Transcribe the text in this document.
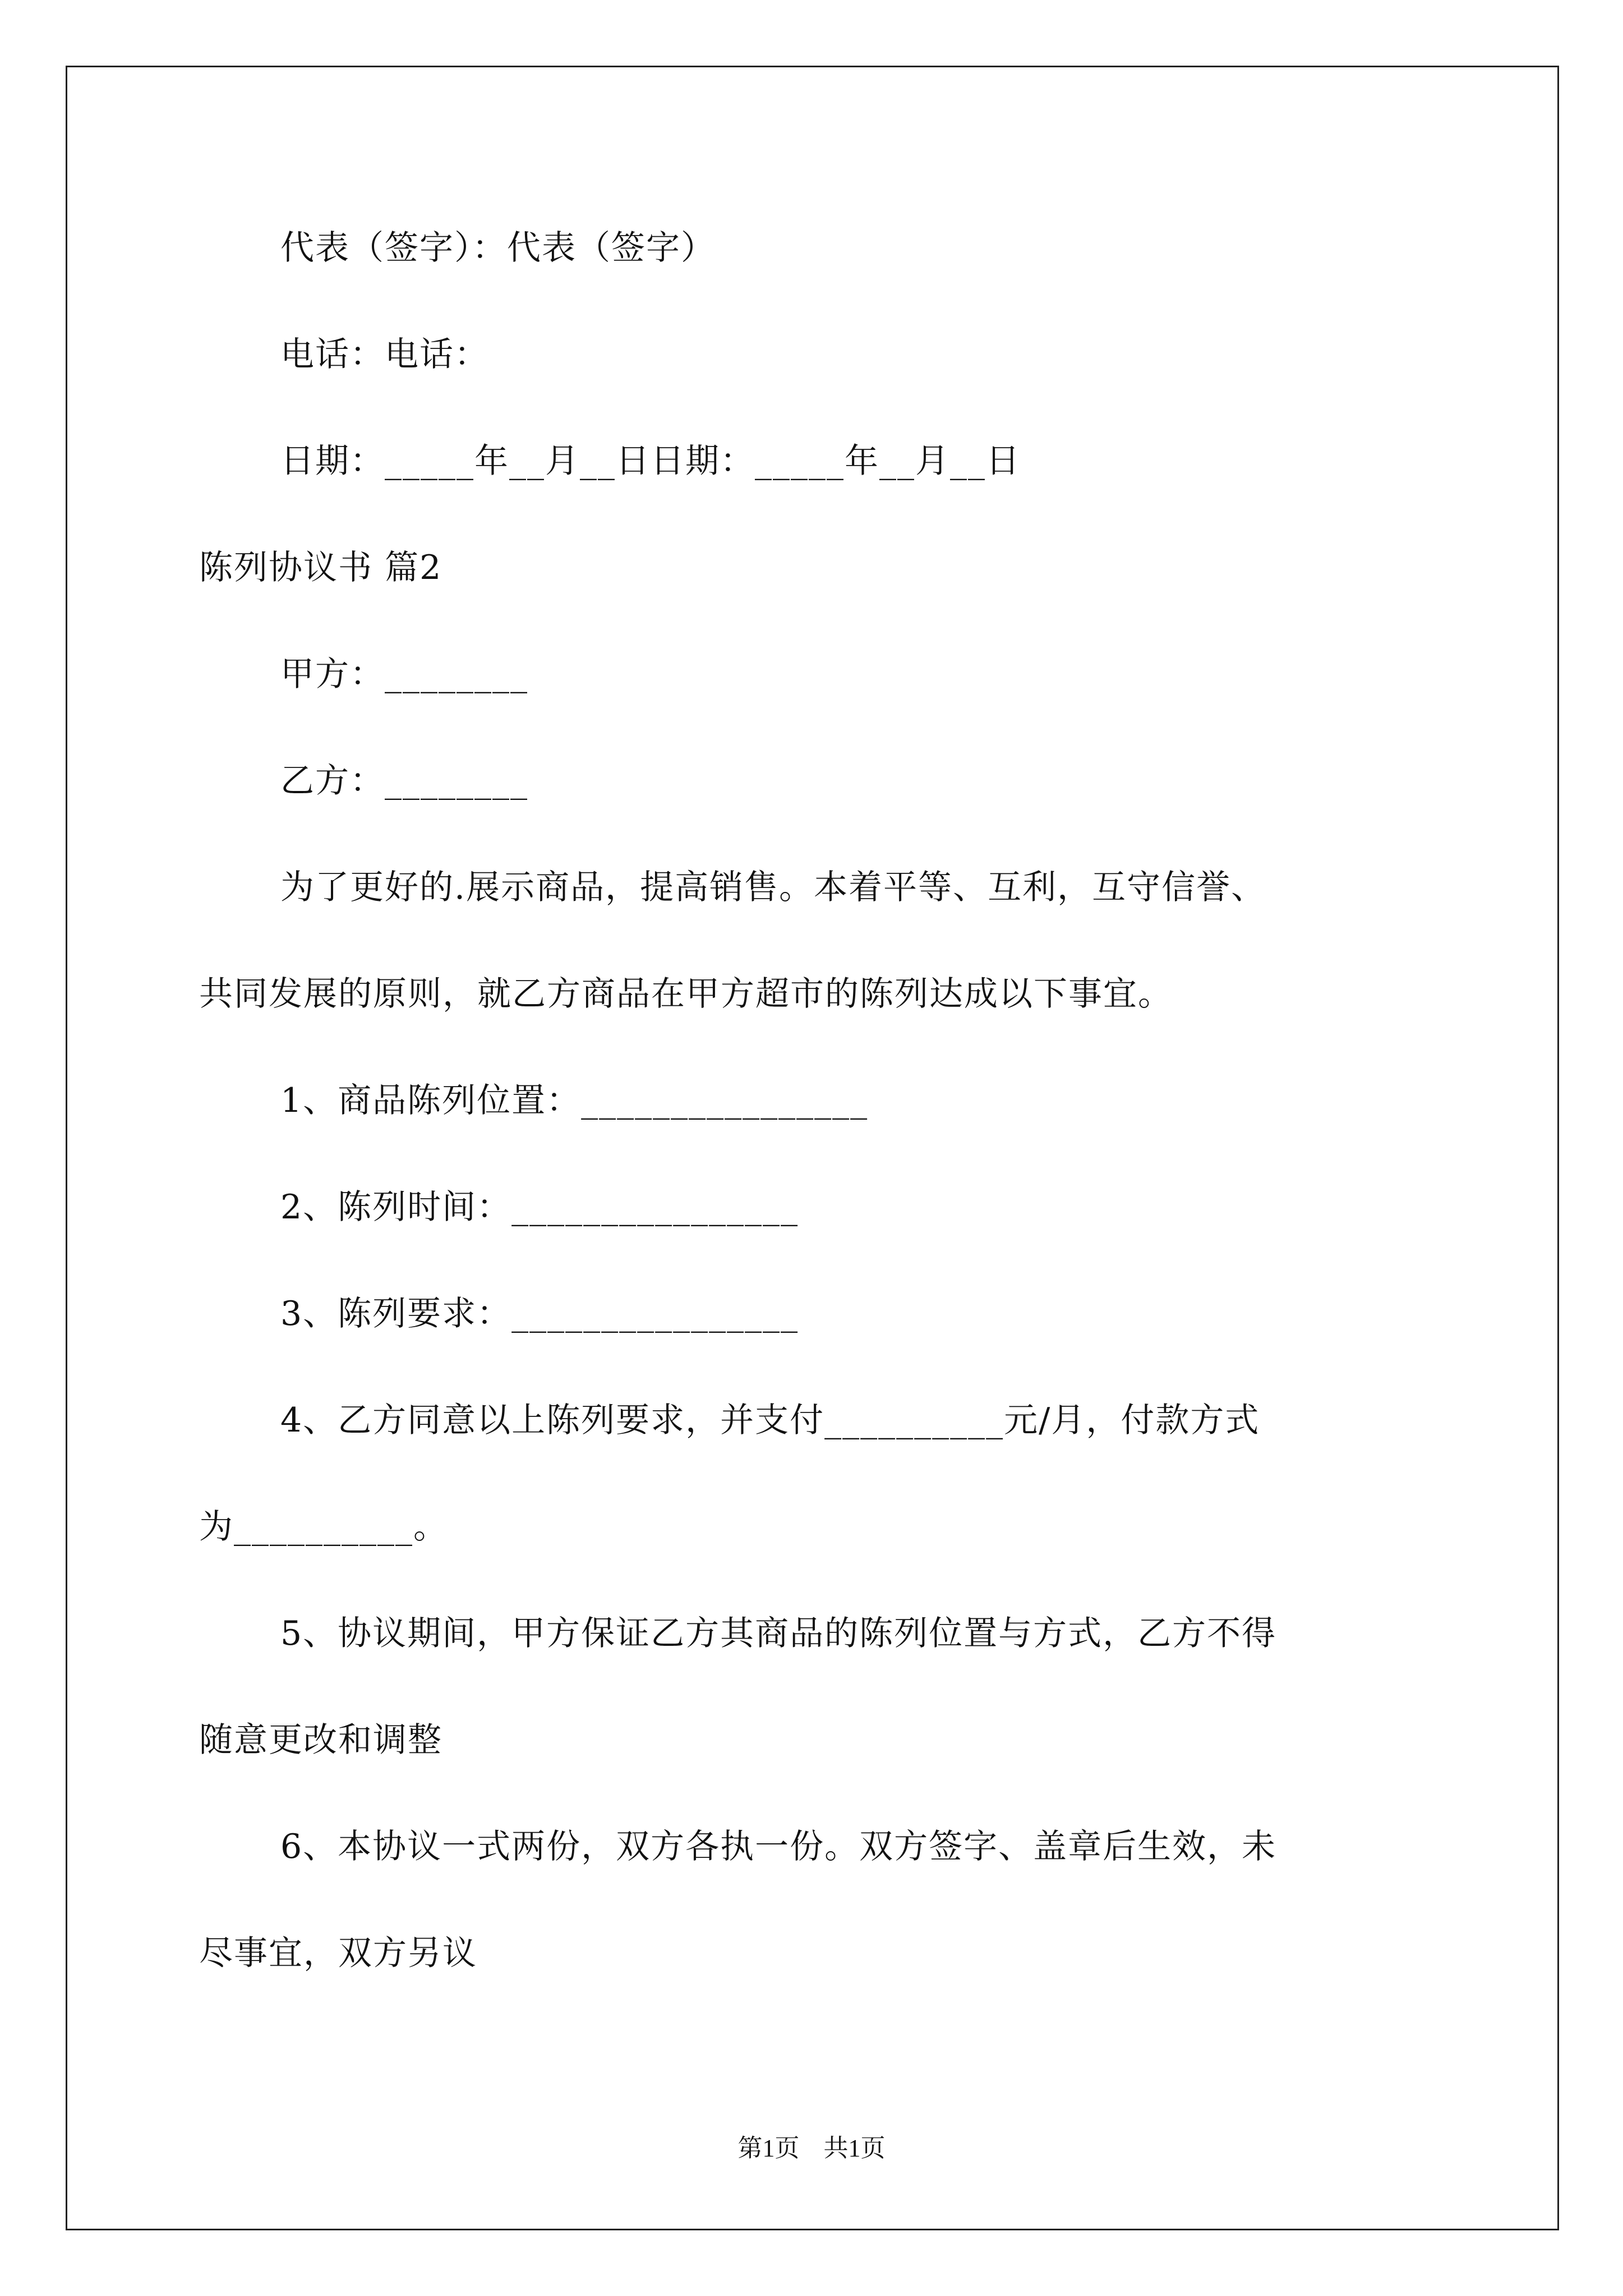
代表（签字）：代表（签字）
电话：电话：
日期：_____年__月__日日期：_____年__月__日
陈列协议书 篇2
甲方：________
乙方：________
为了更好的.展示商品，提高销售。本着平等、互利，互守信誉、
共同发展的原则，就乙方商品在甲方超市的陈列达成以下事宜。
1、商品陈列位置：________________
2、陈列时间：________________
3、陈列要求：________________
4、乙方同意以上陈列要求，并支付__________元/月，付款方式
为__________。
5、协议期间，甲方保证乙方其商品的陈列位置与方式，乙方不得
随意更改和调整
6、本协议一式两份，双方各执一份。双方签字、盖章后生效，未
尽事宜，双方另议
第1页 共1页
